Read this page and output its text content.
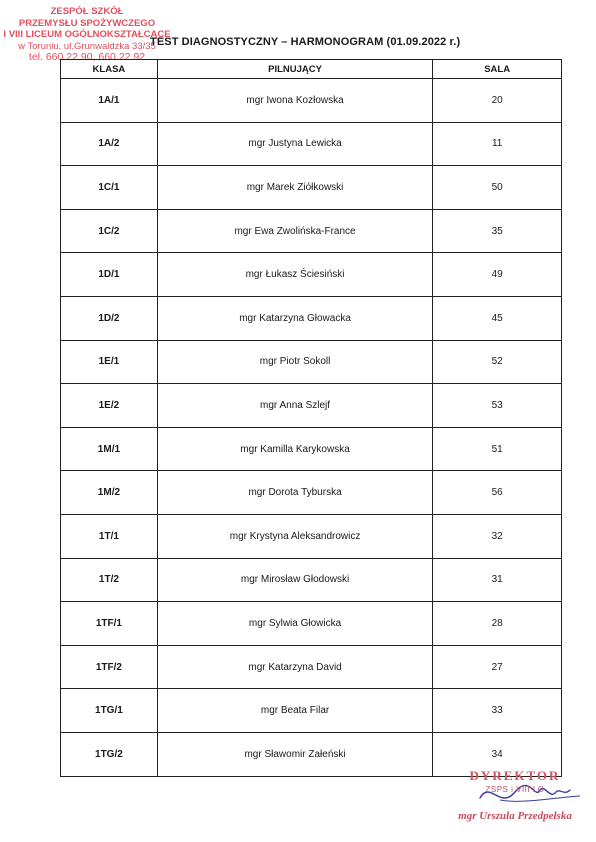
ZESPÓŁ SZKÓŁ
PRZEMYSŁU SPOŻYWCZEGO
I VIII LICEUM OGÓLNOKSZTAŁCĄCE
w Toruniu, ul.Grunwaldzka 33/35
tel. 660 22 90, 660 22 92
TEST DIAGNOSTYCZNY – HARMONOGRAM (01.09.2022 r.)
KLASA	PILNUJĄCY	SALA
1A/1	mgr Iwona Kozłowska	20
1A/2	mgr Justyna Lewicka	11
1C/1	mgr Marek Ziółkowski	50
1C/2	mgr Ewa Zwolińska-France	35
1D/1	mgr Łukasz Ściesiński	49
1D/2	mgr Katarzyna Głowacka	45
1E/1	mgr Piotr Sokoll	52
1E/2	mgr Anna Szlejf	53
1M/1	mgr Kamilla Karykowska	51
1M/2	mgr Dorota Tyburska	56
1T/1	mgr Krystyna Aleksandrowicz	32
1T/2	mgr Mirosław Głodowski	31
1TF/1	mgr Sylwia Głowicka	28
1TF/2	mgr Katarzyna David	27
1TG/1	mgr Beata Filar	33
1TG/2	mgr Sławomir Załeński	34
DYREKTOR
ZSPS i VIII LO
mgr Urszula Przedpełska
